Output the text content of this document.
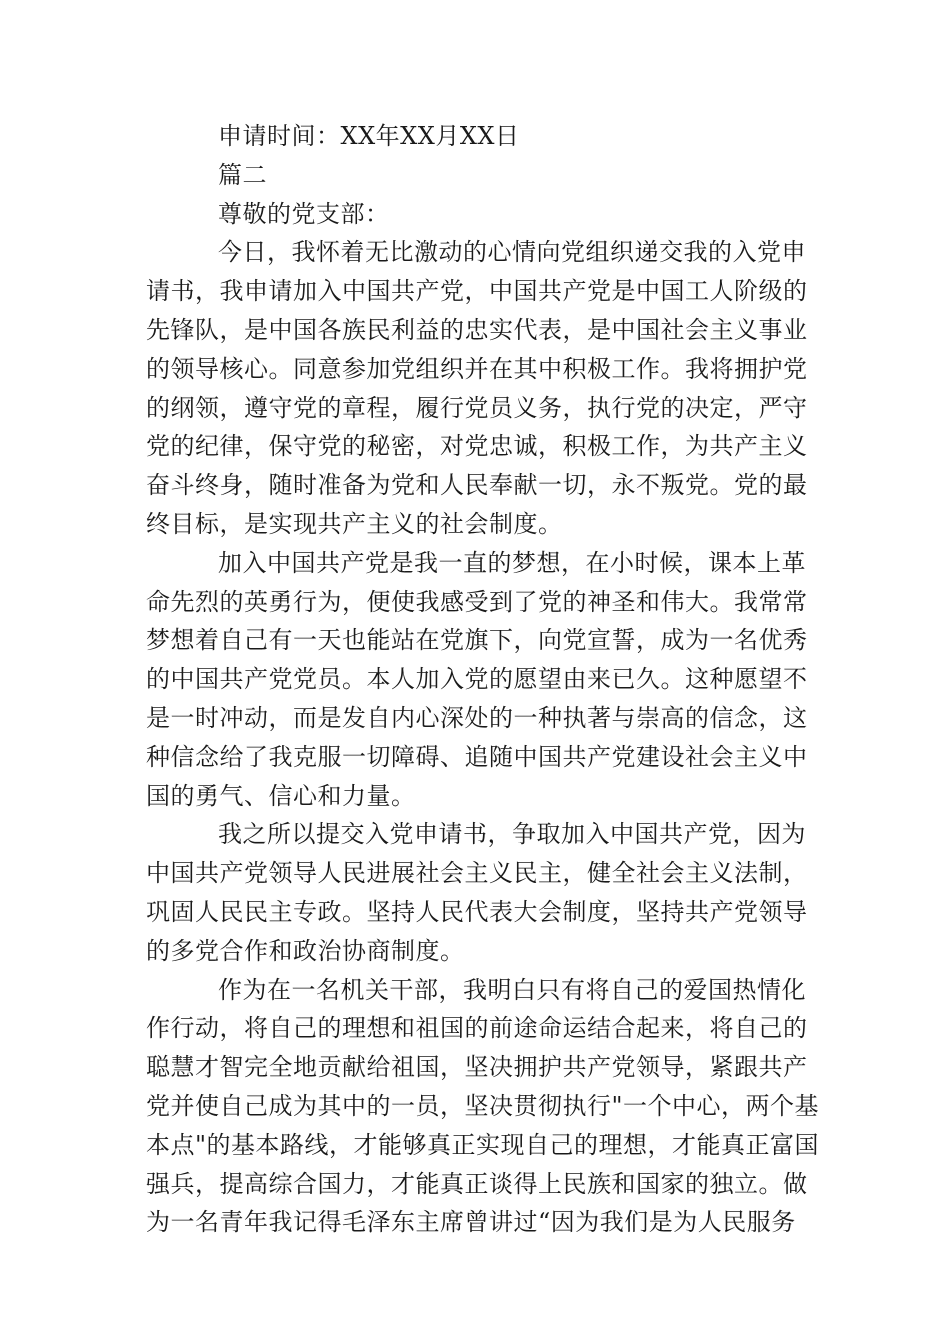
申请时间：XX年XX月XX日
篇二
尊敬的党支部：
今日，我怀着无比激动的心情向党组织递交我的入党申
请书，我申请加入中国共产党，中国共产党是中国工人阶级的
先锋队，是中国各族民利益的忠实代表，是中国社会主义事业
的领导核心。同意参加党组织并在其中积极工作。我将拥护党
的纲领，遵守党的章程，履行党员义务，执行党的决定，严守
党的纪律，保守党的秘密，对党忠诚，积极工作，为共产主义
奋斗终身，随时准备为党和人民奉献一切，永不叛党。党的最
终目标，是实现共产主义的社会制度。
加入中国共产党是我一直的梦想，在小时候，课本上革
命先烈的英勇行为，便使我感受到了党的神圣和伟大。我常常
梦想着自己有一天也能站在党旗下，向党宣誓，成为一名优秀
的中国共产党党员。本人加入党的愿望由来已久。这种愿望不
是一时冲动，而是发自内心深处的一种执著与崇高的信念，这
种信念给了我克服一切障碍、追随中国共产党建设社会主义中
国的勇气、信心和力量。
我之所以提交入党申请书，争取加入中国共产党，因为
中国共产党领导人民进展社会主义民主，健全社会主义法制，
巩固人民民主专政。坚持人民代表大会制度，坚持共产党领导
的多党合作和政治协商制度。
作为在一名机关干部，我明白只有将自己的爱国热情化
作行动，将自己的理想和祖国的前途命运结合起来，将自己的
聪慧才智完全地贡献给祖国，坚决拥护共产党领导，紧跟共产
党并使自己成为其中的一员，坚决贯彻执行"一个中心，两个基
本点"的基本路线，才能够真正实现自己的理想，才能真正富国
强兵，提高综合国力，才能真正谈得上民族和国家的独立。做
为一名青年我记得毛泽东主席曾讲过“因为我们是为人民服务
